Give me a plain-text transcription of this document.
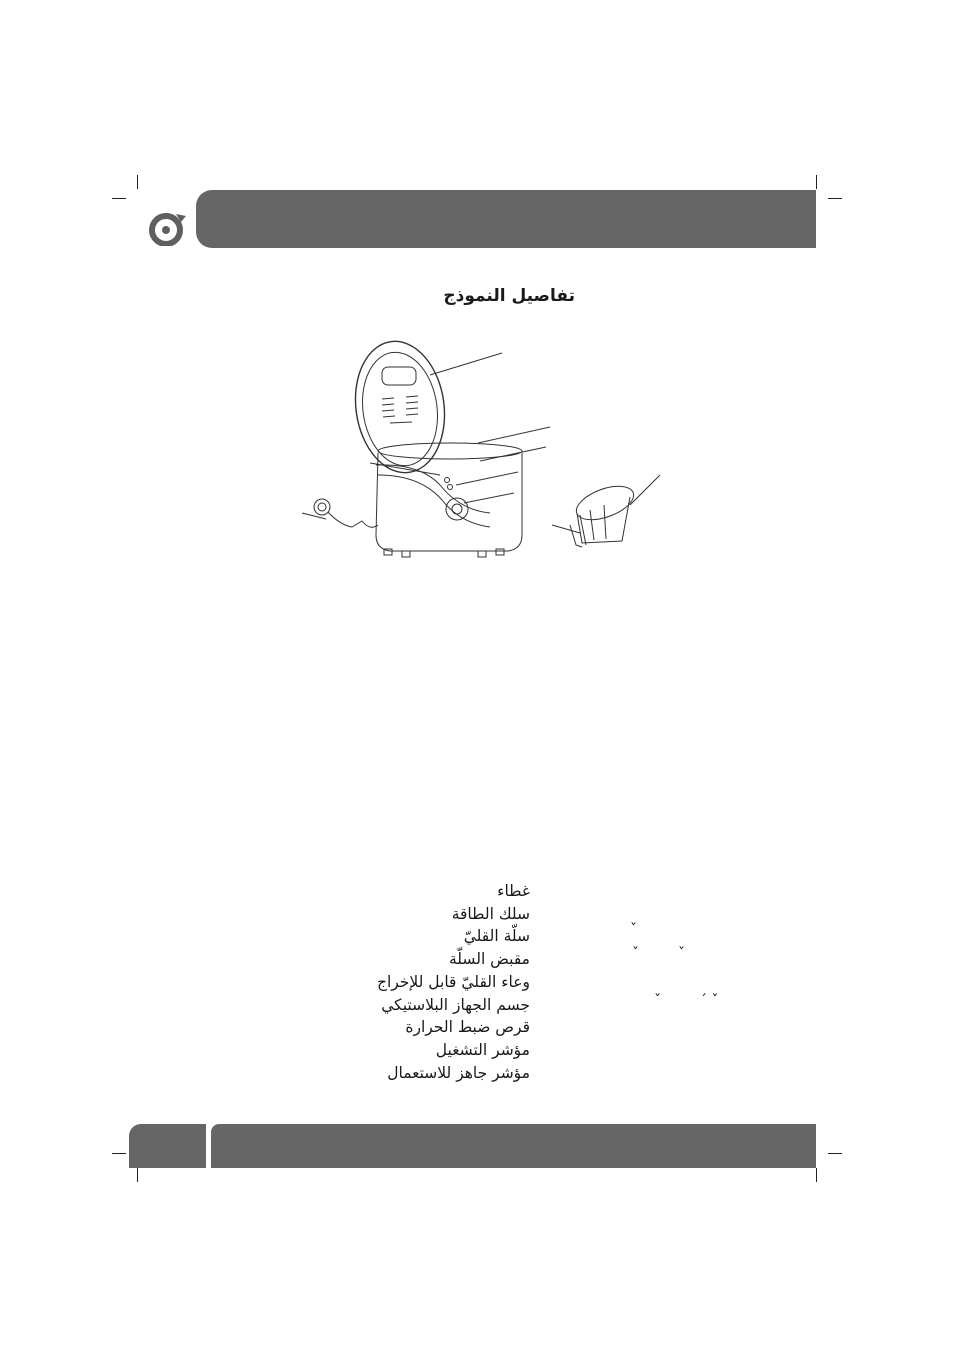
تفاصيل النموذج
غطاء
سلك الطاقة
سلّة القليّ
مقبض السلّة
وعاء القليّ قابل للإخراج
جسم الجهاز البلاستيكي
قرص ضبط الحرارة
مؤشر التشغيل
مؤشر جاهز للاستعمال
ˇ
ˇ	ˇ
ˇ	´ ˇ
